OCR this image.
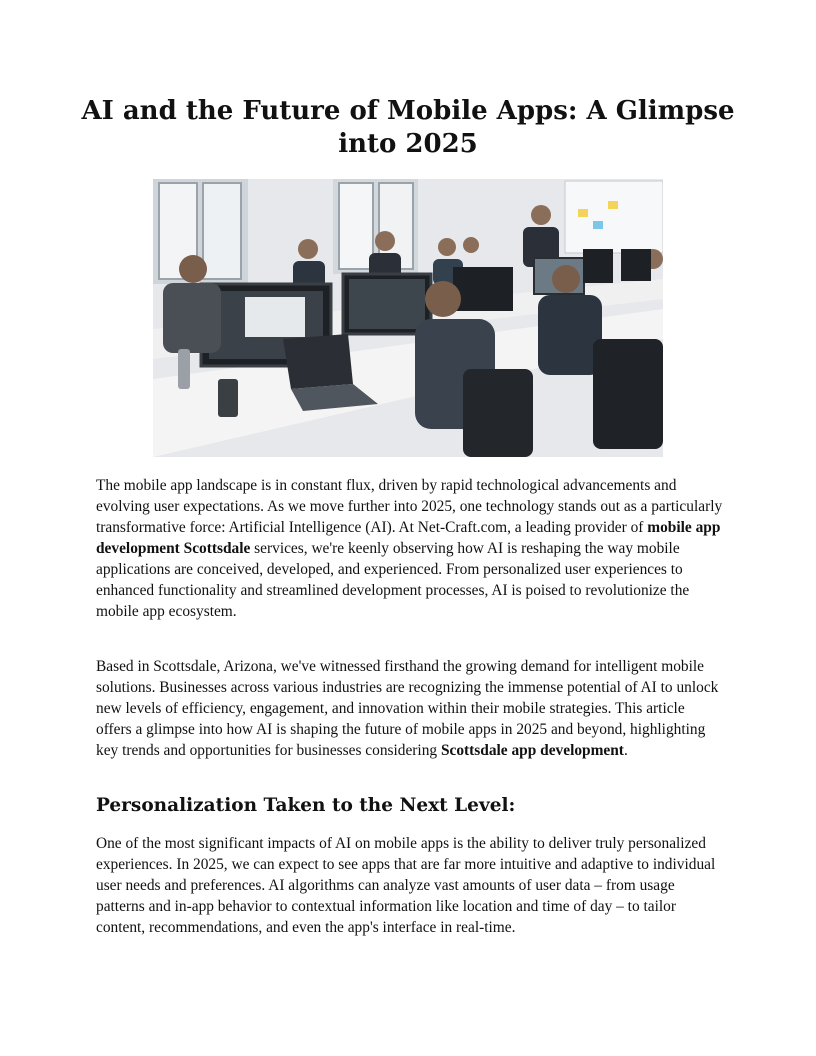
AI and the Future of Mobile Apps: A Glimpse into 2025

The mobile app landscape is in constant flux, driven by rapid technological advancements and evolving user expectations. As we move further into 2025, one technology stands out as a particularly transformative force: Artificial Intelligence (AI). At Net-Craft.com, a leading provider of mobile app development Scottsdale services, we're keenly observing how AI is reshaping the way mobile applications are conceived, developed, and experienced. From personalized user experiences to enhanced functionality and streamlined development processes, AI is poised to revolutionize the mobile app ecosystem.

Based in Scottsdale, Arizona, we've witnessed firsthand the growing demand for intelligent mobile solutions. Businesses across various industries are recognizing the immense potential of AI to unlock new levels of efficiency, engagement, and innovation within their mobile strategies. This article offers a glimpse into how AI is shaping the future of mobile apps in 2025 and beyond, highlighting key trends and opportunities for businesses considering Scottsdale app development.

Personalization Taken to the Next Level:

One of the most significant impacts of AI on mobile apps is the ability to deliver truly personalized experiences. In 2025, we can expect to see apps that are far more intuitive and adaptive to individual user needs and preferences. AI algorithms can analyze vast amounts of user data – from usage patterns and in-app behavior to contextual information like location and time of day – to tailor content, recommendations, and even the app's interface in real-time.
